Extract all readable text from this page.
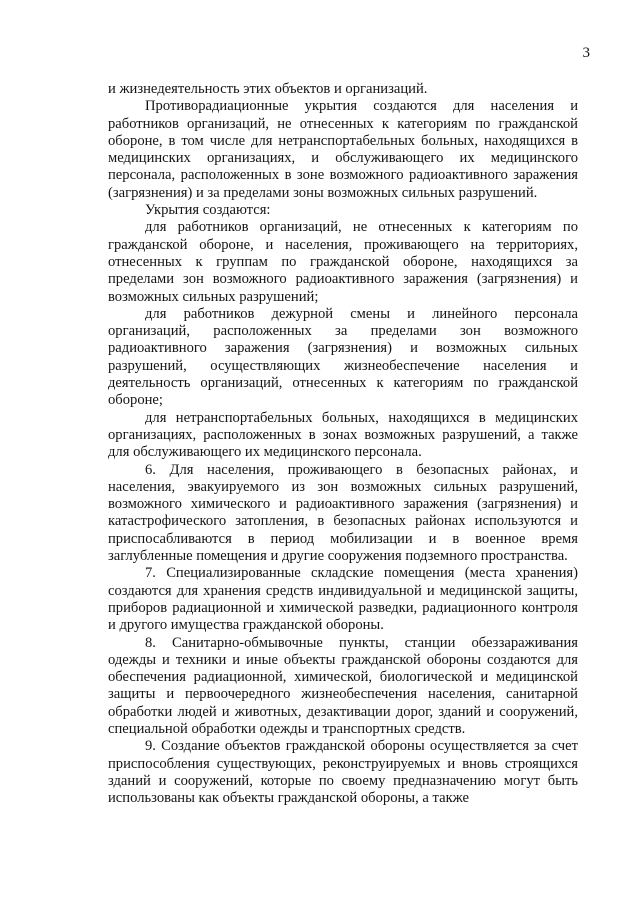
3

и жизнедеятельность этих объектов и организаций.

Противорадиационные укрытия создаются для населения и работников организаций, не отнесенных к категориям по гражданской обороне, в том числе для нетранспортабельных больных, находящихся в медицинских организациях, и обслуживающего их медицинского персонала, расположенных в зоне возможного радиоактивного заражения (загрязнения) и за пределами зоны возможных сильных разрушений.

Укрытия создаются:

для работников организаций, не отнесенных к категориям по гражданской обороне, и населения, проживающего на территориях, отнесенных к группам по гражданской обороне, находящихся за пределами зон возможного радиоактивного заражения (загрязнения) и возможных сильных разрушений;

для работников дежурной смены и линейного персонала организаций, расположенных за пределами зон возможного радиоактивного заражения (загрязнения) и возможных сильных разрушений, осуществляющих жизнеобеспечение населения и деятельность организаций, отнесенных к категориям по гражданской обороне;

для нетранспортабельных больных, находящихся в медицинских организациях, расположенных в зонах возможных разрушений, а также для обслуживающего их медицинского персонала.

6. Для населения, проживающего в безопасных районах, и населения, эвакуируемого из зон возможных сильных разрушений, возможного химического и радиоактивного заражения (загрязнения) и катастрофического затопления, в безопасных районах используются и приспосабливаются в период мобилизации и в военное время заглубленные помещения и другие сооружения подземного пространства.

7. Специализированные складские помещения (места хранения) создаются для хранения средств индивидуальной и медицинской защиты, приборов радиационной и химической разведки, радиационного контроля и другого имущества гражданской обороны.

8. Санитарно-обмывочные пункты, станции обеззараживания одежды и техники и иные объекты гражданской обороны создаются для обеспечения радиационной, химической, биологической и медицинской защиты и первоочередного жизнеобеспечения населения, санитарной обработки людей и животных, дезактивации дорог, зданий и сооружений, специальной обработки одежды и транспортных средств.

9. Создание объектов гражданской обороны осуществляется за счет приспособления существующих, реконструируемых и вновь строящихся зданий и сооружений, которые по своему предназначению могут быть использованы как объекты гражданской обороны, а также
